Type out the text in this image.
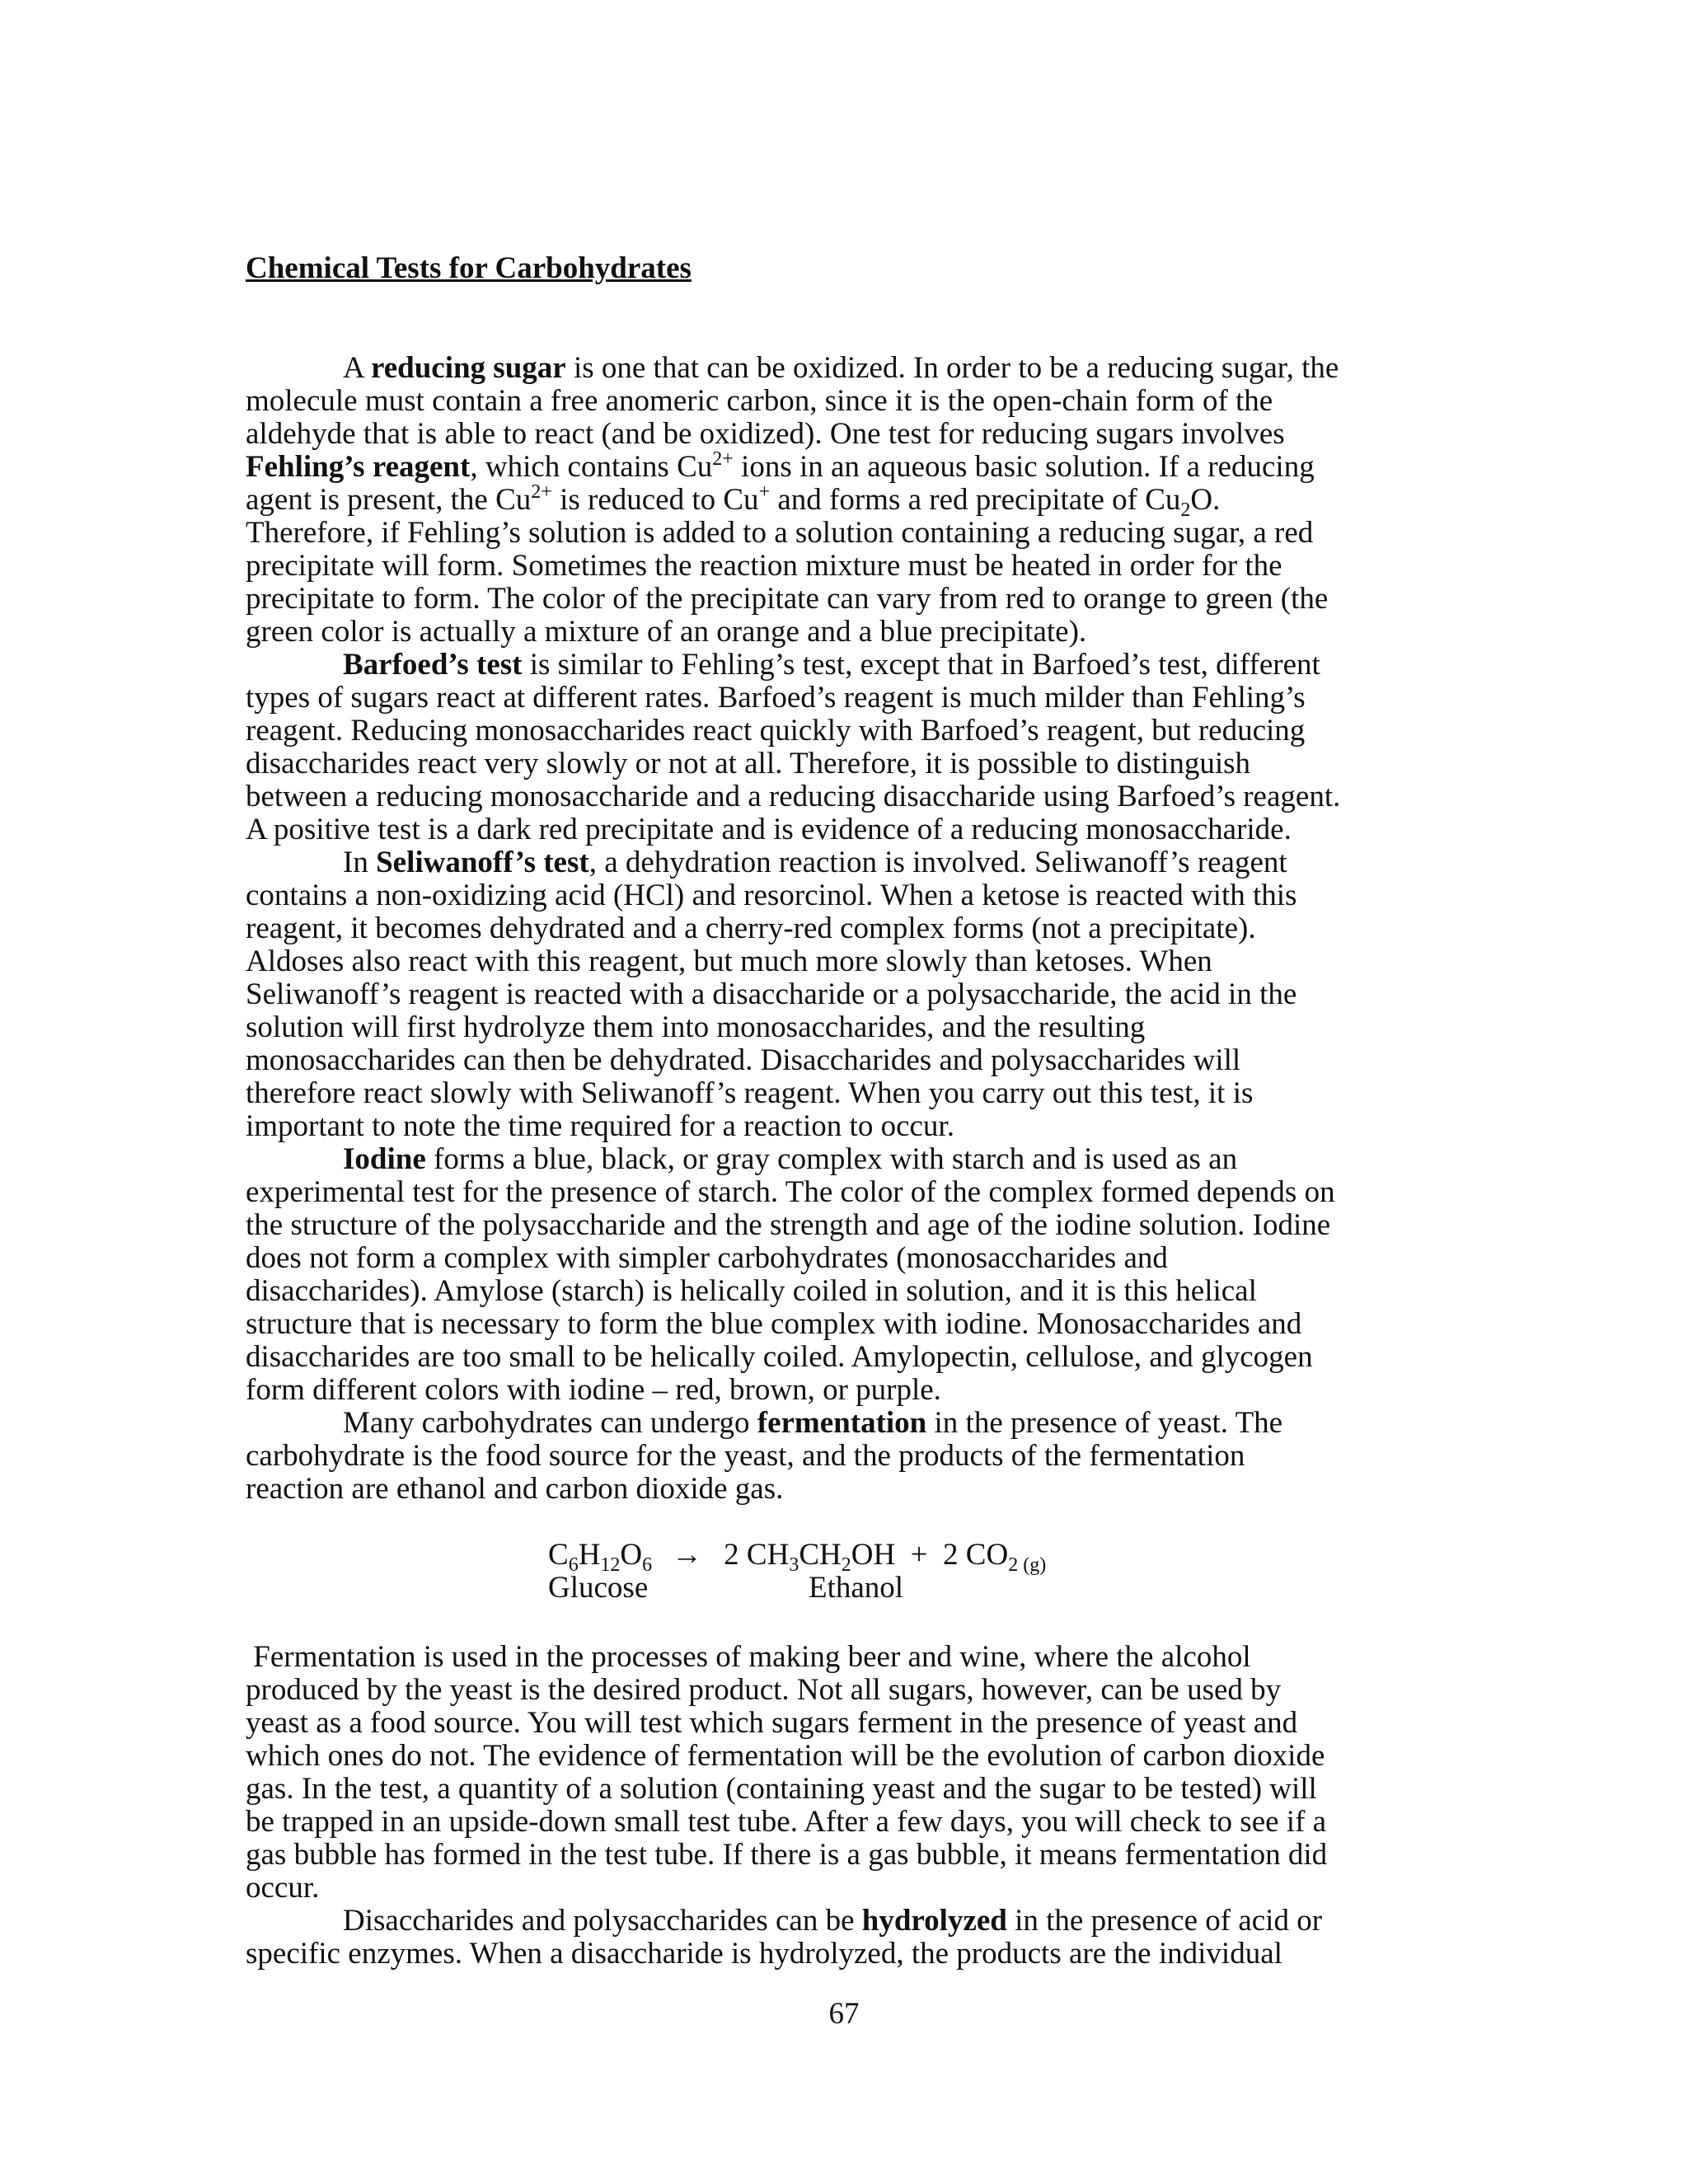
Chemical Tests for Carbohydrates
A reducing sugar is one that can be oxidized. In order to be a reducing sugar, the
molecule must contain a free anomeric carbon, since it is the open-chain form of the
aldehyde that is able to react (and be oxidized). One test for reducing sugars involves
Fehling’s reagent, which contains $Cu^{2+}$ ions in an aqueous basic solution. If a reducing
agent is present, the $Cu^{2+}$ is reduced to Cu+ and forms a red precipitate of $Cu_2O$.
Therefore, if Fehling’s solution is added to a solution containing a reducing sugar, a red
precipitate will form. Sometimes the reaction mixture must be heated in order for the
precipitate to form. The color of the precipitate can vary from red to orange to green (the
green color is actually a mixture of an orange and a blue precipitate).
Barfoed’s test is similar to Fehling’s test, except that in Barfoed’s test, different
types of sugars react at different rates. Barfoed’s reagent is much milder than Fehling’s
reagent. Reducing monosaccharides react quickly with Barfoed’s reagent, but reducing
disaccharides react very slowly or not at all. Therefore, it is possible to distinguish
between a reducing monosaccharide and a reducing disaccharide using Barfoed’s reagent.
A positive test is a dark red precipitate and is evidence of a reducing monosaccharide.
In Seliwanoff’s test, a dehydration reaction is involved. Seliwanoff’s reagent
contains a non-oxidizing acid (HCl) and resorcinol. When a ketose is reacted with this
reagent, it becomes dehydrated and a cherry-red complex forms (not a precipitate).
Aldoses also react with this reagent, but much more slowly than ketoses. When
Seliwanoff’s reagent is reacted with a disaccharide or a polysaccharide, the acid in the
solution will first hydrolyze them into monosaccharides, and the resulting
monosaccharides can then be dehydrated. Disaccharides and polysaccharides will
therefore react slowly with Seliwanoff’s reagent. When you carry out this test, it is
important to note the time required for a reaction to occur.
Iodine forms a blue, black, or gray complex with starch and is used as an
experimental test for the presence of starch. The color of the complex formed depends on
the structure of the polysaccharide and the strength and age of the iodine solution. Iodine
does not form a complex with simpler carbohydrates (monosaccharides and
disaccharides). Amylose (starch) is helically coiled in solution, and it is this helical
structure that is necessary to form the blue complex with iodine. Monosaccharides and
disaccharides are too small to be helically coiled. Amylopectin, cellulose, and glycogen
form different colors with iodine – red, brown, or purple.
Many carbohydrates can undergo fermentation in the presence of yeast. The
carbohydrate is the food source for the yeast, and the products of the fermentation
reaction are ethanol and carbon dioxide gas.
$C_6H_{12}O_6 \to 2$ $CH_3CH_2OH + 2$ $CO_{2 (g)}$
Glucose	Ethanol
Fermentation is used in the processes of making beer and wine, where the alcohol
produced by the yeast is the desired product. Not all sugars, however, can be used by
yeast as a food source. You will test which sugars ferment in the presence of yeast and
which ones do not. The evidence of fermentation will be the evolution of carbon dioxide
gas. In the test, a quantity of a solution (containing yeast and the sugar to be tested) will
be trapped in an upside-down small test tube. After a few days, you will check to see if a
gas bubble has formed in the test tube. If there is a gas bubble, it means fermentation did
occur.
Disaccharides and polysaccharides can be hydrolyzed in the presence of acid or
specific enzymes. When a disaccharide is hydrolyzed, the products are the individual
67
